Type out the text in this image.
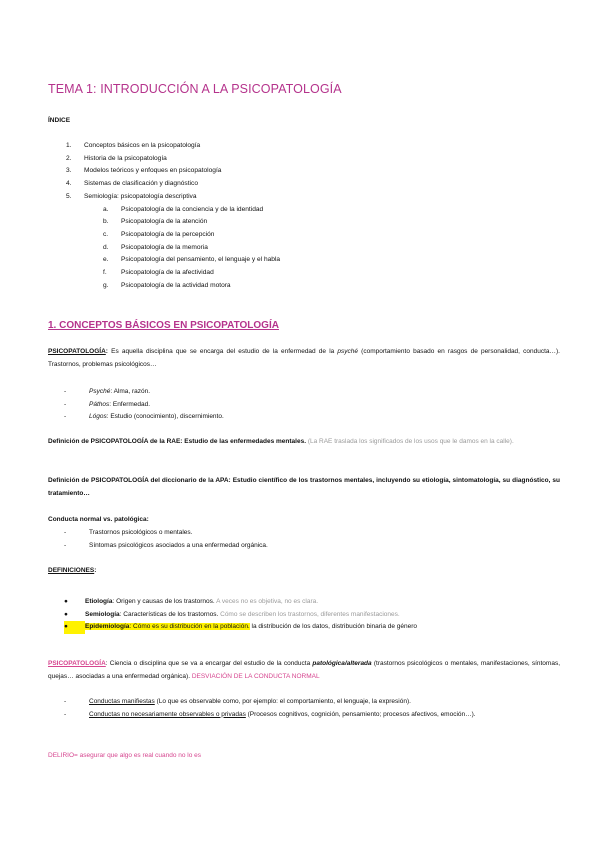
TEMA 1: INTRODUCCIÓN A LA PSICOPATOLOGÍA
ÍNDICE
1.	Conceptos básicos en la psicopatología
2.	Historia de la psicopatología
3.	Modelos teóricos y enfoques en psicopatología
4.	Sistemas de clasificación y diagnóstico
5.	Semiología: psicopatología descriptiva
a.	Psicopatología de la conciencia y de la identidad
b.	Psicopatología de la atención
c.	Psicopatología de la percepción
d.	Psicopatología de la memoria
e.	Psicopatología del pensamiento, el lenguaje y el habla
f.	Psicopatología de la afectividad
g.	Psicopatología de la actividad motora
1. CONCEPTOS BÁSICOS EN PSICOPATOLOGÍA
PSICOPATOLOGÍA: Es aquella disciplina que se encarga del estudio de la enfermedad de la psyché (comportamiento basado en rasgos de personalidad, conducta…). Trastornos, problemas psicológicos…
-	Psyché : Alma, razón.
-	Páthos : Enfermedad.
-	Lógos : Estudio (conocimiento), discernimiento.
Definición de PSICOPATOLOGÍA de la RAE: Estudio de las enfermedades mentales. (La RAE traslada los significados de los usos que le damos en la calle).
Definición de PSICOPATOLOGÍA del diccionario de la APA: Estudio científico de los trastornos mentales, incluyendo su etiología, sintomatología, su diagnóstico, su tratamiento…
Conducta normal vs. patológica:
-	Trastornos psicológicos o mentales.
-	Síntomas psicológicos asociados a una enfermedad orgánica.
DEFINICIONES:
●	Etiología: Origen y causas de los trastornos. A veces no es objetiva, no es clara.
●	Semiología: Características de los trastornos. Cómo se describen los trastornos, diferentes manifestaciones.
●	Epidemiología: Cómo es su distribución en la población. la distribución de los datos, distribución binaria de género
PSICOPATOLOGÍA: Ciencia o disciplina que se va a encargar del estudio de la conducta patológica/alterada (trastornos psicológicos o mentales, manifestaciones, síntomas, quejas… asociadas a una enfermedad orgánica). DESVIACIÓN DE LA CONDUCTA NORMAL
-	Conductas manifiestas (Lo que es observable como, por ejemplo: el comportamiento, el lenguaje, la expresión).
-	Conductas no necesariamente observables o privadas (Procesos cognitivos, cognición, pensamiento; procesos afectivos, emoción…).
DELIRIO= asegurar que algo es real cuando no lo es
